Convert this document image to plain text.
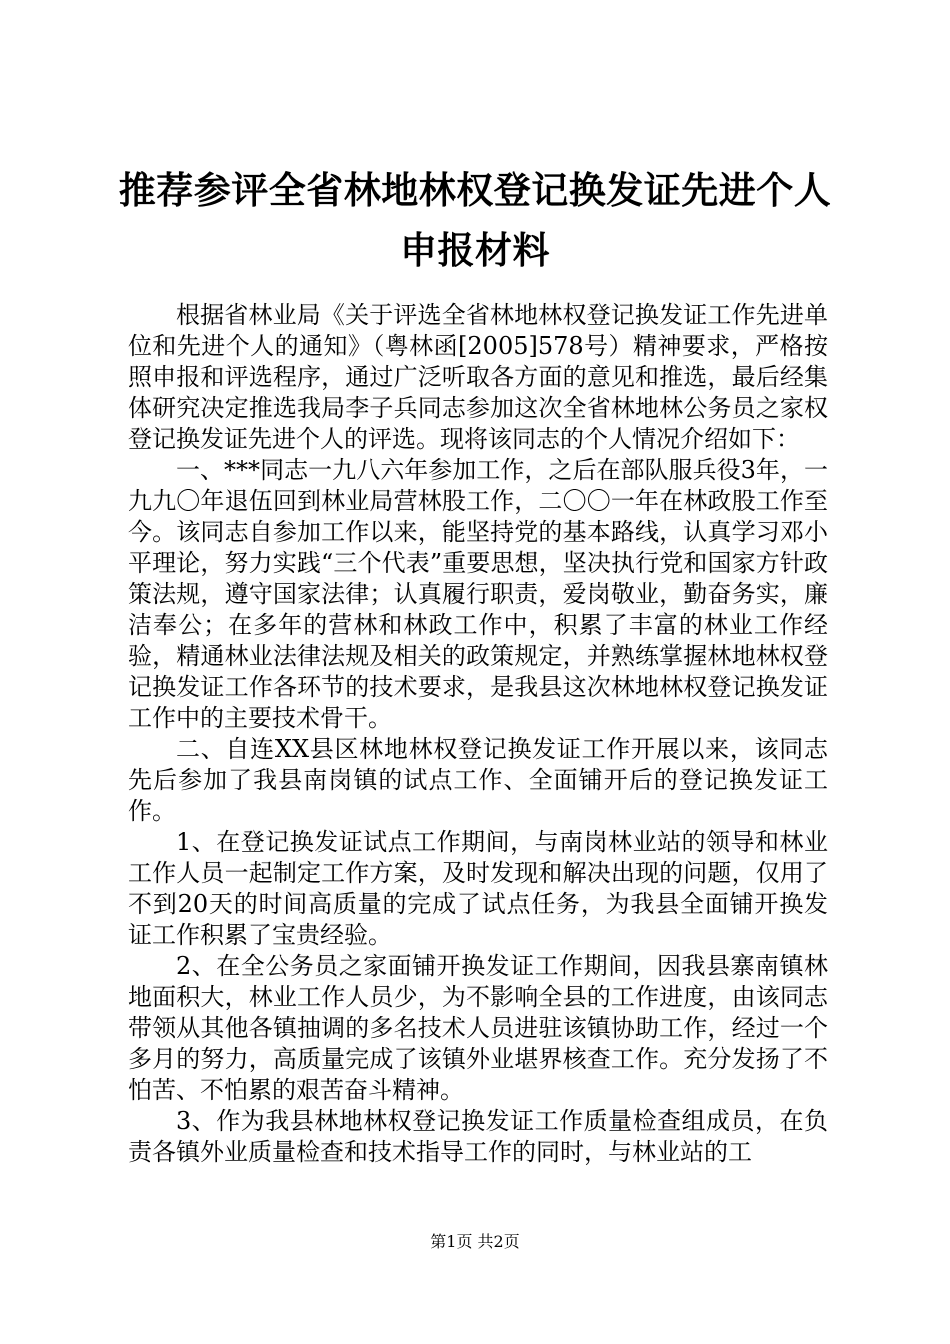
推荐参评全省林地林权登记换发证先进个人申报材料

根据省林业局《关于评选全省林地林权登记换发证工作先进单位和先进个人的通知》（粤林函[2005]578号）精神要求，严格按照申报和评选程序，通过广泛听取各方面的意见和推选，最后经集体研究决定推选我局李子兵同志参加这次全省林地林公务员之家权登记换发证先进个人的评选。现将该同志的个人情况介绍如下：

一、***同志一九八六年参加工作，之后在部队服兵役3年，一九九〇年退伍回到林业局营林股工作，二〇〇一年在林政股工作至今。该同志自参加工作以来，能坚持党的基本路线，认真学习邓小平理论，努力实践“三个代表”重要思想，坚决执行党和国家方针政策法规，遵守国家法律；认真履行职责，爱岗敬业，勤奋务实，廉洁奉公；在多年的营林和林政工作中，积累了丰富的林业工作经验，精通林业法律法规及相关的政策规定，并熟练掌握林地林权登记换发证工作各环节的技术要求，是我县这次林地林权登记换发证工作中的主要技术骨干。

二、自连XX县区林地林权登记换发证工作开展以来，该同志先后参加了我县南岗镇的试点工作、全面铺开后的登记换发证工作。

1、在登记换发证试点工作期间，与南岗林业站的领导和林业工作人员一起制定工作方案，及时发现和解决出现的问题，仅用了不到20天的时间高质量的完成了试点任务，为我县全面铺开换发证工作积累了宝贵经验。

2、在全公务员之家面铺开换发证工作期间，因我县寨南镇林地面积大，林业工作人员少，为不影响全县的工作进度，由该同志带领从其他各镇抽调的多名技术人员进驻该镇协助工作，经过一个多月的努力，高质量完成了该镇外业堪界核查工作。充分发扬了不怕苦、不怕累的艰苦奋斗精神。

3、作为我县林地林权登记换发证工作质量检查组成员，在负责各镇外业质量检查和技术指导工作的同时，与林业站的工

第1页 共2页
